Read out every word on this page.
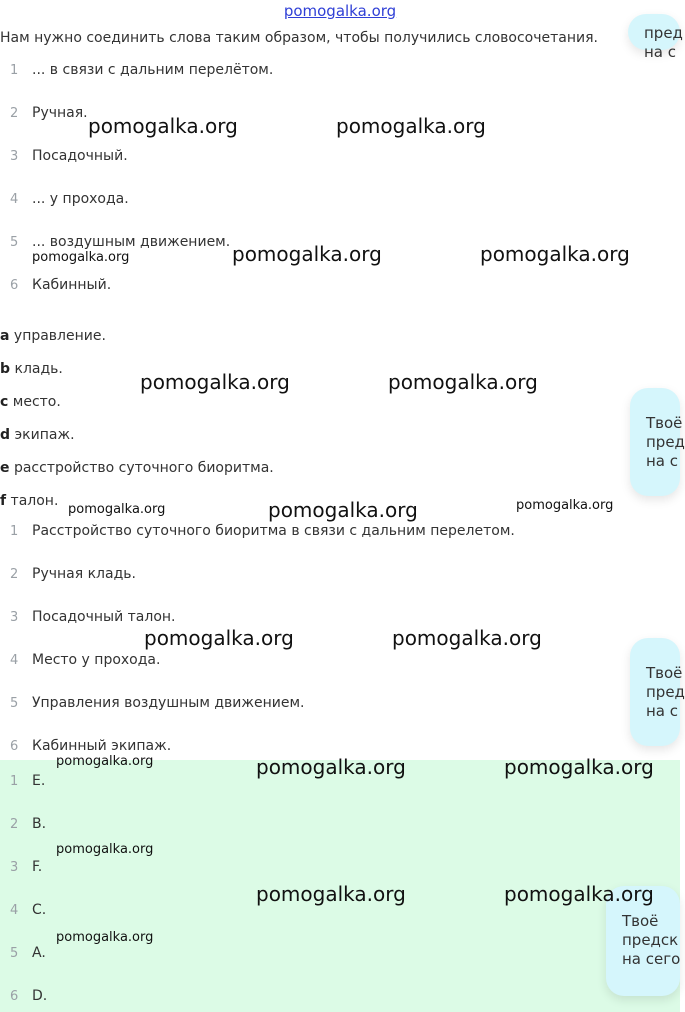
pomogalka.org
Нам нужно соединить слова таким образом, чтобы получились словосочетания.
1 ... в связи с дальним перелётом.
2 Ручная.
3 Посадочный.
4 ... у прохода.
5 ... воздушным движением.
6 Кабинный.
a управление.
b кладь.
c место.
d экипаж.
e расстройство суточного биоритма.
f талон.
1 Расстройство суточного биоритма в связи с дальним перелетом.
2 Ручная кладь.
3 Посадочный талон.
4 Место у прохода.
5 Управления воздушным движением.
6 Кабинный экипаж.
1 E.
2 B.
3 F.
4 C.
5 A.
6 D.
пред
на с
Твоё
пред
на с
Твоё
пред
на с
Твоё
предск
на сего
pomogalka.org	pomogalka.org
pomogalka.org	pomogalka.org	pomogalka.org
pomogalka.org	pomogalka.org
pomogalka.org	pomogalka.org	pomogalka.org
pomogalka.org	pomogalka.org
pomogalka.org	pomogalka.org	pomogalka.org
pomogalka.org
pomogalka.org	pomogalka.org
pomogalka.org
